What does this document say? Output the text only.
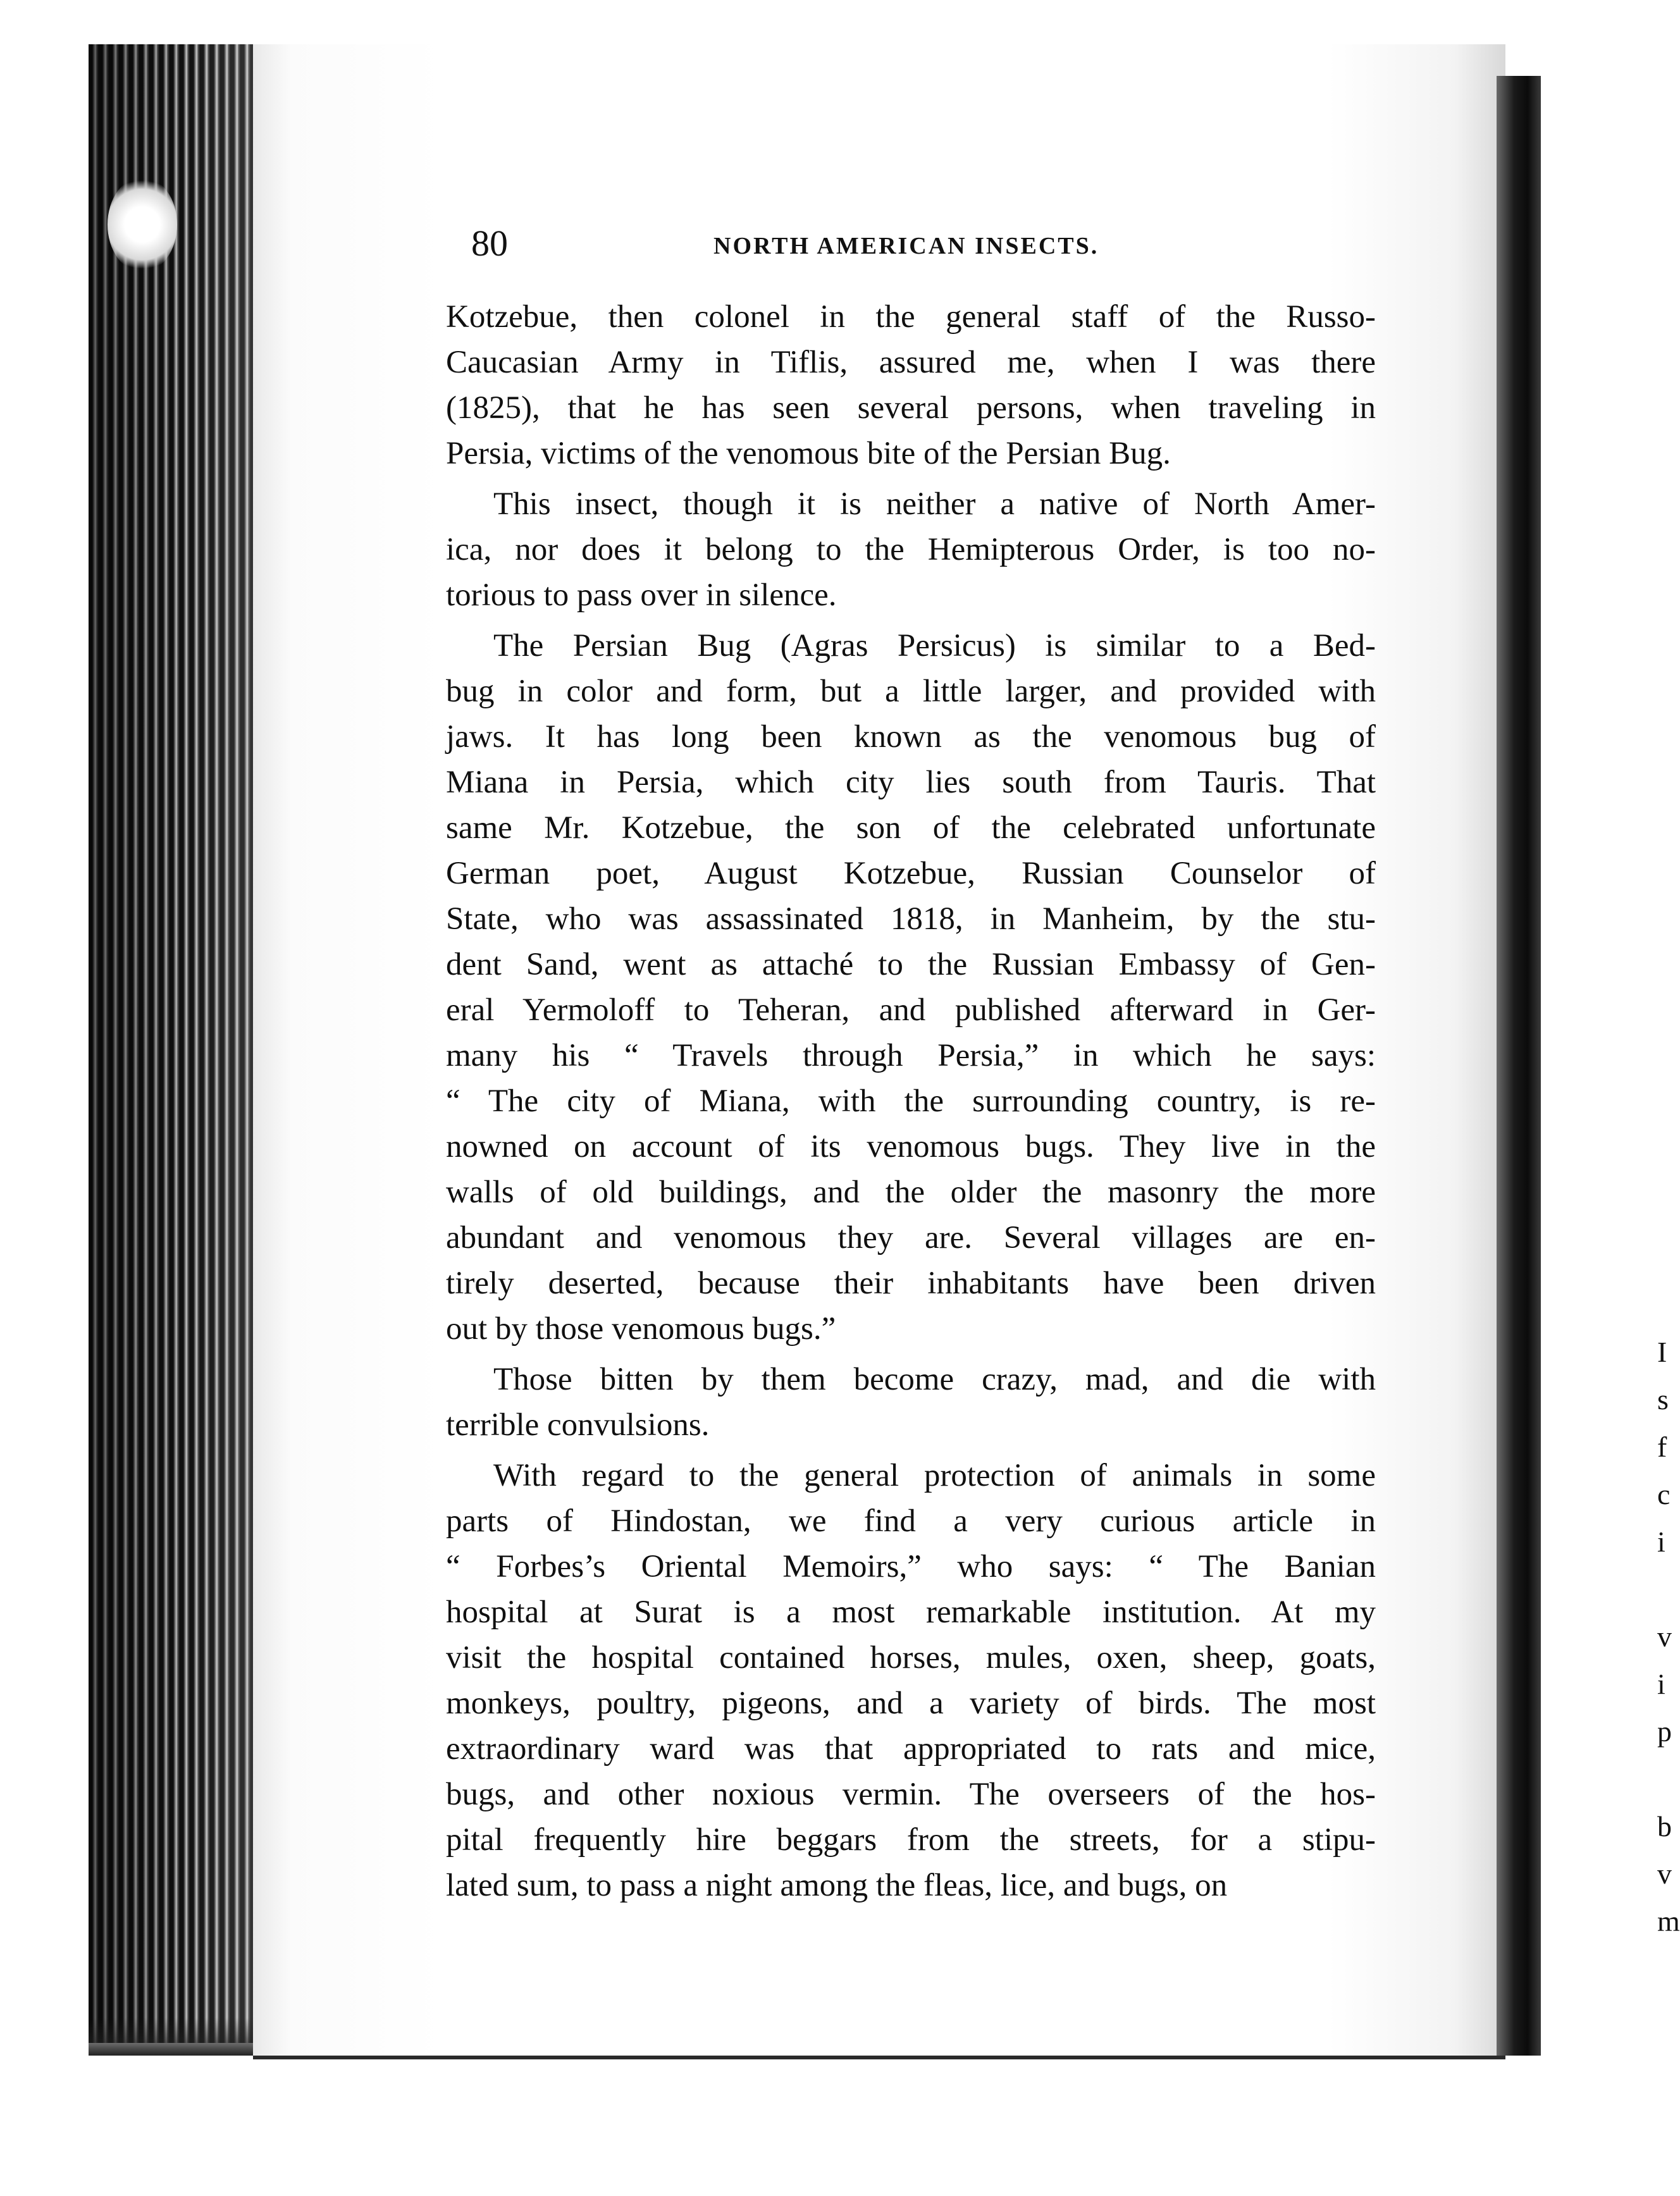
I
s
f
c
i
v
i
p
b
v
m
80	NORTH AMERICAN INSECTS.
Kotzebue, then colonel in the general staff of the Russo-
Caucasian Army in Tiflis, assured me, when I was there
(1825), that he has seen several persons, when traveling in
Persia, victims of the venomous bite of the Persian Bug.
This insect, though it is neither a native of North Amer-
ica, nor does it belong to the Hemipterous Order, is too no-
torious to pass over in silence.
The Persian Bug (Agras Persicus) is similar to a Bed-
bug in color and form, but a little larger, and provided with
jaws. It has long been known as the venomous bug of
Miana in Persia, which city lies south from Tauris. That
same Mr. Kotzebue, the son of the celebrated unfortunate
German poet, August Kotzebue, Russian Counselor of
State, who was assassinated 1818, in Manheim, by the stu-
dent Sand, went as attaché to the Russian Embassy of Gen-
eral Yermoloff to Teheran, and published afterward in Ger-
many his “ Travels through Persia,” in which he says:
“ The city of Miana, with the surrounding country, is re-
nowned on account of its venomous bugs. They live in the
walls of old buildings, and the older the masonry the more
abundant and venomous they are. Several villages are en-
tirely deserted, because their inhabitants have been driven
out by those venomous bugs.”
Those bitten by them become crazy, mad, and die with
terrible convulsions.
With regard to the general protection of animals in some
parts of Hindostan, we find a very curious article in
“ Forbes’s Oriental Memoirs,” who says: “ The Banian
hospital at Surat is a most remarkable institution. At my
visit the hospital contained horses, mules, oxen, sheep, goats,
monkeys, poultry, pigeons, and a variety of birds. The most
extraordinary ward was that appropriated to rats and mice,
bugs, and other noxious vermin. The overseers of the hos-
pital frequently hire beggars from the streets, for a stipu-
lated sum, to pass a night among the fleas, lice, and bugs, on
